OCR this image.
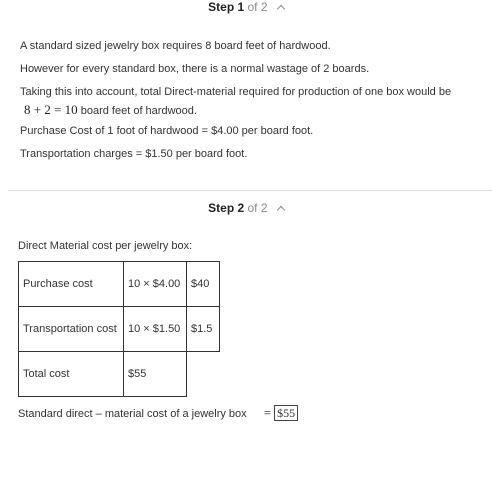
Step 1 of 2
A standard sized jewelry box requires 8 board feet of hardwood.
However for every standard box, there is a normal wastage of 2 boards.
Taking this into account, total Direct-material required for production of one box would be
8 + 2 = 10 board feet of hardwood.
Purchase Cost of 1 foot of hardwood = $4.00 per board foot.
Transportation charges = $1.50 per board foot.
Step 2 of 2
Direct Material cost per jewelry box:
Purchase cost	10 × $4.00	$40
Transportation cost	10 × $1.50	$1.5
Total cost	$55	
Standard direct – material cost of a jewelry box = $55
